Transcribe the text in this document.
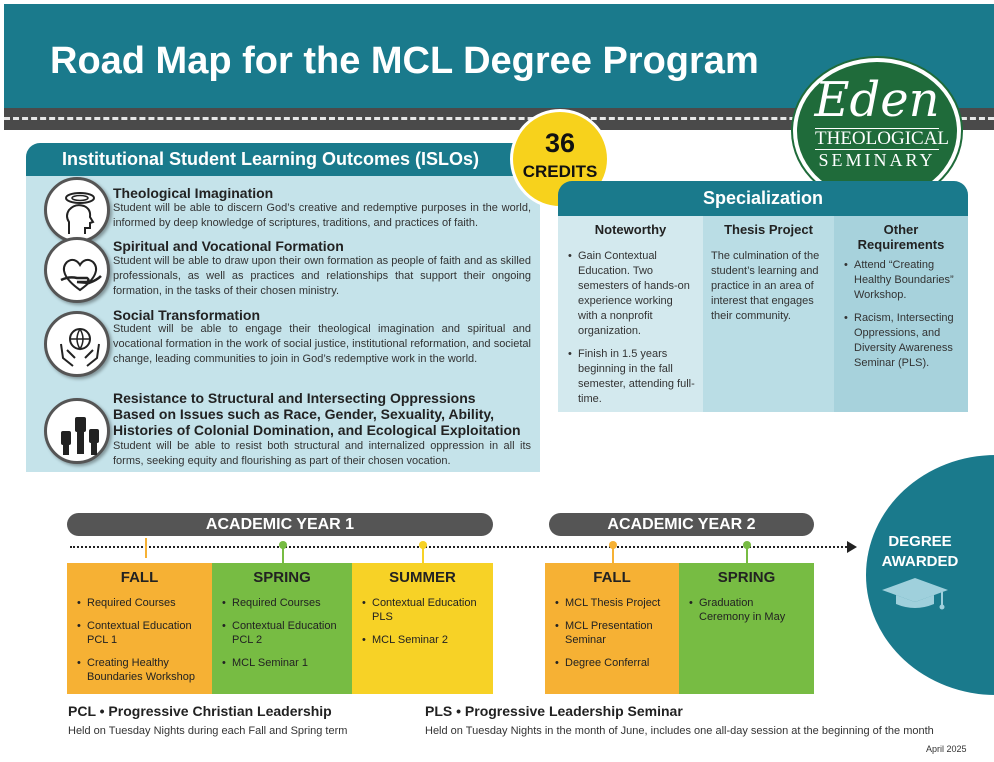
Road Map for the MCL Degree Program
Eden
THEOLOGICAL
SEMINARY
Institutional Student Learning Outcomes (ISLOs)
Theological Imagination
Student will be able to discern God’s creative and redemptive purposes in the world, informed by deep knowledge of scriptures, traditions, and practices of faith.
Spiritual and Vocational Formation
Student will be able to draw upon their own formation as people of faith and as skilled professionals, as well as practices and relationships that support their ongoing formation, in the tasks of their chosen ministry.
Social Transformation
Student will be able to engage their theological imagination and spiritual and vocational formation in the work of social justice, institutional reformation, and societal change, leading communities to join in God’s redemptive work in the world.
Resistance to Structural and Intersecting Oppressions
Based on Issues such as Race, Gender, Sexuality, Ability,
Histories of Colonial Domination, and Ecological Exploitation
Student will be able to resist both structural and internalized oppression in all its forms, seeking equity and flourishing as part of their chosen vocation.
36
CREDITS
Specialization
Noteworthy
• Gain Contextual Education. Two semesters of hands-on experience working with a nonprofit organization.
• Finish in 1.5 years beginning in the fall semester, attending full-time.
Thesis Project
The culmination of the student’s learning and practice in an area of interest that engages their community.
Other Requirements
• Attend “Creating Healthy Boundaries” Workshop.
• Racism, Intersecting Oppressions, and Diversity Awareness Seminar (PLS).
DEGREE
AWARDED
ACADEMIC YEAR 1	ACADEMIC YEAR 2
FALL
• Required Courses
• Contextual Education PCL 1
• Creating Healthy Boundaries Workshop
SPRING
• Required Courses
• Contextual Education PCL 2
• MCL Seminar 1
SUMMER
• Contextual Education PLS
• MCL Seminar 2
FALL
• MCL Thesis Project
• MCL Presentation Seminar
• Degree Conferral
SPRING
• Graduation Ceremony in May
PCL • Progressive Christian Leadership
Held on Tuesday Nights during each Fall and Spring term
PLS • Progressive Leadership Seminar
Held on Tuesday Nights in the month of June, includes one all-day session at the beginning of the month
April 2025
